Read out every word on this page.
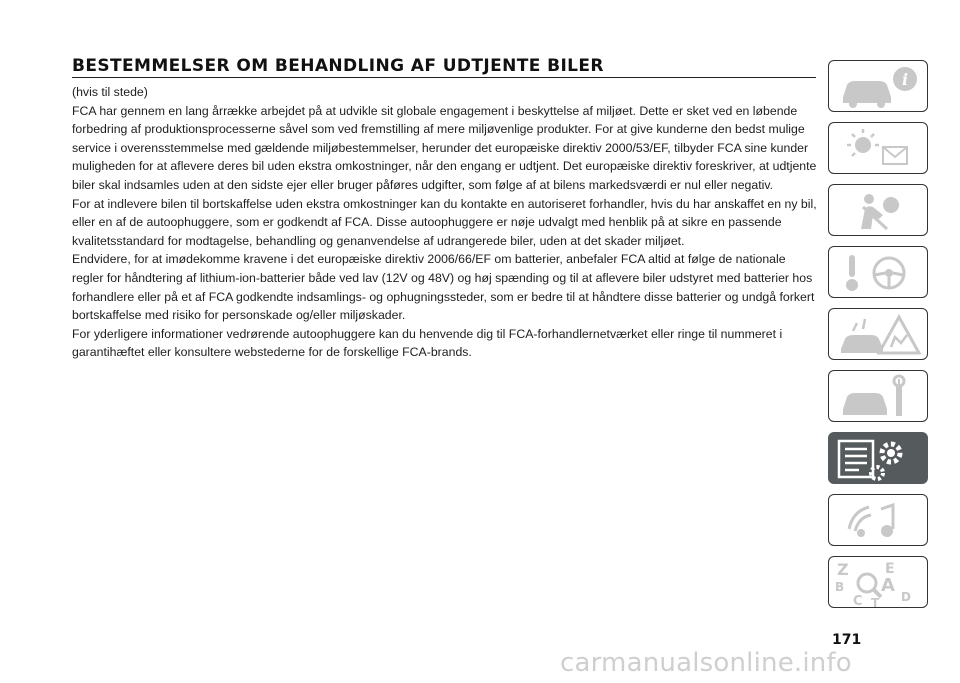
BESTEMMELSER OM BEHANDLING AF UDTJENTE BILER

(hvis til stede)

FCA har gennem en lang årrække arbejdet på at udvikle sit globale engagement i beskyttelse af miljøet. Dette er sket ved en løbende forbedring af produktionsprocesserne såvel som ved fremstilling af mere miljøvenlige produkter. For at give kunderne den bedst mulige service i overensstemmelse med gældende miljøbestemmelser, herunder det europæiske direktiv 2000/53/EF, tilbyder FCA sine kunder muligheden for at aflevere deres bil uden ekstra omkostninger, når den engang er udtjent. Det europæiske direktiv foreskriver, at udtjente biler skal indsamles uden at den sidste ejer eller bruger påføres udgifter, som følge af at bilens markedsværdi er nul eller negativ.

For at indlevere bilen til bortskaffelse uden ekstra omkostninger kan du kontakte en autoriseret forhandler, hvis du har anskaffet en ny bil, eller en af de autoophuggere, som er godkendt af FCA. Disse autoophuggere er nøje udvalgt med henblik på at sikre en passende kvalitetsstandard for modtagelse, behandling og genanvendelse af udrangerede biler, uden at det skader miljøet.

Endvidere, for at imødekomme kravene i det europæiske direktiv 2006/66/EF om batterier, anbefaler FCA altid at følge de nationale regler for håndtering af lithium-ion-batterier både ved lav (12V og 48V) og høj spænding og til at aflevere biler udstyret med batterier hos forhandlere eller på et af FCA godkendte indsamlings- og ophugningssteder, som er bedre til at håndtere disse batterier og undgå forkert bortskaffelse med risiko for personskade og/eller miljøskader.

For yderligere informationer vedrørende autoophuggere kan du henvende dig til FCA-forhandlernetværket eller ringe til nummeret i garantihæftet eller konsultere webstederne for de forskellige FCA-brands.

i
Z	E
B A
C	D
T
171
carmanualsonline.info
